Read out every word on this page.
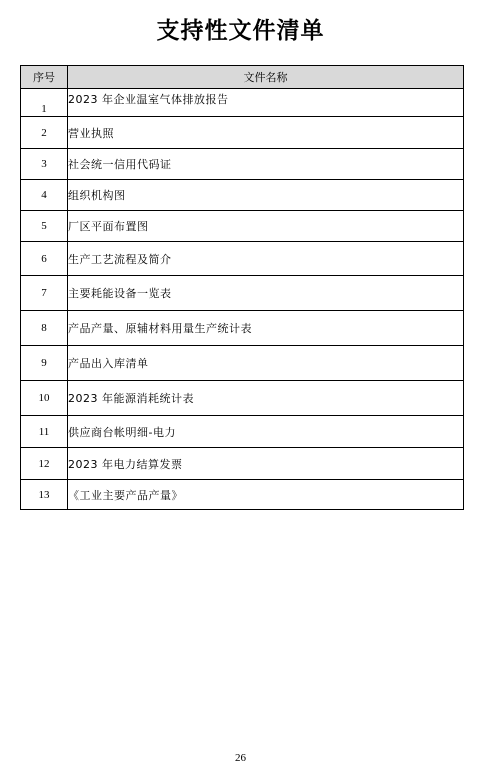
支持性文件清单
序号	文件名称
1	2023 年企业温室气体排放报告
2	营业执照
3	社会统一信用代码证
4	组织机构图
5	厂区平面布置图
6	生产工艺流程及简介
7	主要耗能设备一览表
8	产品产量、原辅材料用量生产统计表
9	产品出入库清单
10	2023 年能源消耗统计表
11	供应商台帐明细-电力
12	2023 年电力结算发票
13	《工业主要产品产量》
26
